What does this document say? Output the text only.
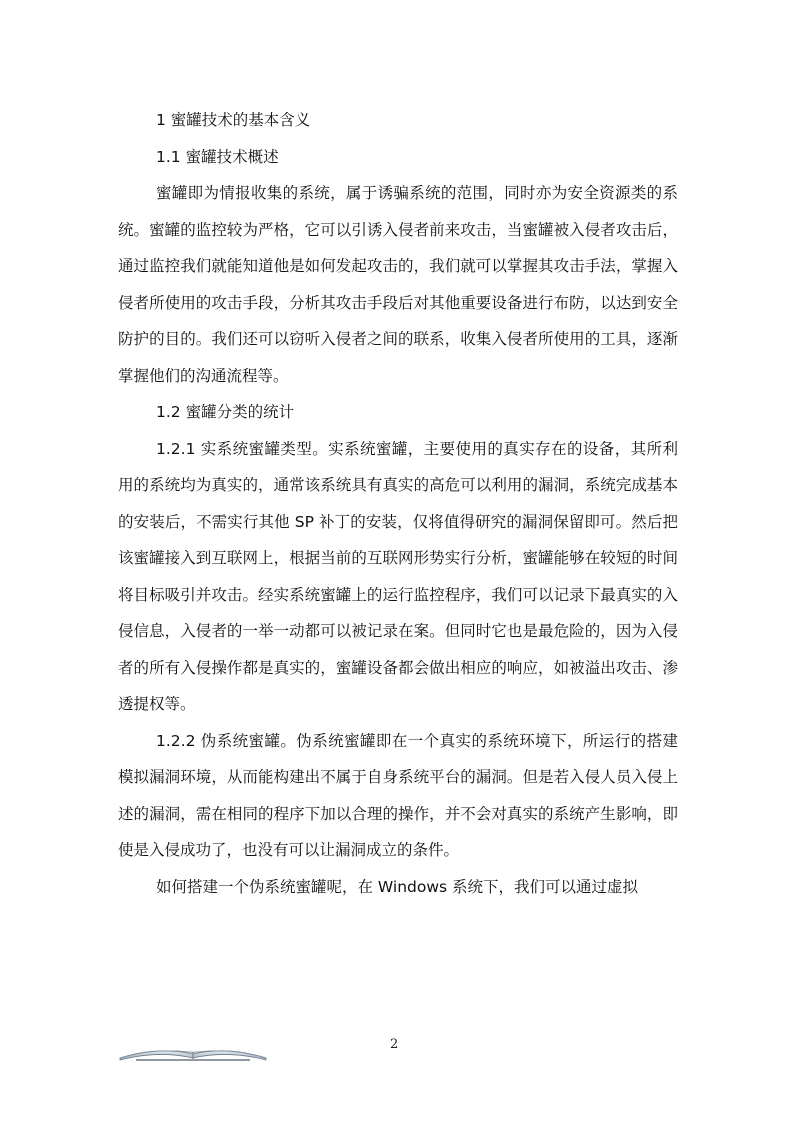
1 蜜罐技术的基本含义
1.1 蜜罐技术概述
蜜罐即为情报收集的系统，属于诱骗系统的范围，同时亦为安全资源类的系统。蜜罐的监控较为严格，它可以引诱入侵者前来攻击，当蜜罐被入侵者攻击后，通过监控我们就能知道他是如何发起攻击的，我们就可以掌握其攻击手法，掌握入侵者所使用的攻击手段，分析其攻击手段后对其他重要设备进行布防，以达到安全防护的目的。我们还可以窃听入侵者之间的联系，收集入侵者所使用的工具，逐渐掌握他们的沟通流程等。
1.2 蜜罐分类的统计
1.2.1 实系统蜜罐类型。实系统蜜罐，主要使用的真实存在的设备，其所利用的系统均为真实的，通常该系统具有真实的高危可以利用的漏洞，系统完成基本的安装后，不需实行其他 SP 补丁的安装，仅将值得研究的漏洞保留即可。然后把该蜜罐接入到互联网上，根据当前的互联网形势实行分析，蜜罐能够在较短的时间将目标吸引并攻击。经实系统蜜罐上的运行监控程序，我们可以记录下最真实的入侵信息，入侵者的一举一动都可以被记录在案。但同时它也是最危险的，因为入侵者的所有入侵操作都是真实的，蜜罐设备都会做出相应的响应，如被溢出攻击、渗透提权等。
1.2.2 伪系统蜜罐。伪系统蜜罐即在一个真实的系统环境下，所运行的搭建模拟漏洞环境，从而能构建出不属于自身系统平台的漏洞。但是若入侵人员入侵上述的漏洞，需在相同的程序下加以合理的操作，并不会对真实的系统产生影响，即使是入侵成功了，也没有可以让漏洞成立的条件。
如何搭建一个伪系统蜜罐呢，在 Windows 系统下，我们可以通过虚拟
2
